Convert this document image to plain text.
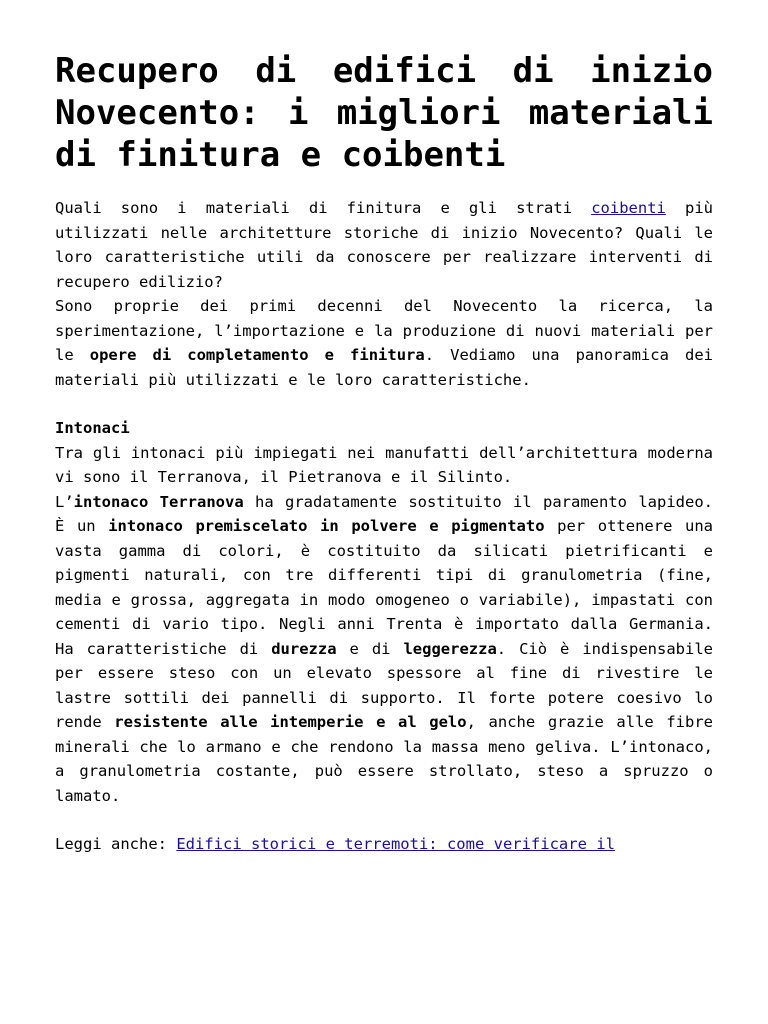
Recupero di edifici di inizio Novecento: i migliori materiali di finitura e coibenti

Quali sono i materiali di finitura e gli strati coibenti più utilizzati nelle architetture storiche di inizio Novecento? Quali le loro caratteristiche utili da conoscere per realizzare interventi di recupero edilizio?
Sono proprie dei primi decenni del Novecento la ricerca, la sperimentazione, l’importazione e la produzione di nuovi materiali per le opere di completamento e finitura. Vediamo una panoramica dei materiali più utilizzati e le loro caratteristiche.

Intonaci
Tra gli intonaci più impiegati nei manufatti dell’architettura moderna vi sono il Terranova, il Pietranova e il Silinto.
L’intonaco Terranova ha gradatamente sostituito il paramento lapideo. È un intonaco premiscelato in polvere e pigmentato per ottenere una vasta gamma di colori, è costituito da silicati pietrificanti e pigmenti naturali, con tre differenti tipi di granulometria (fine, media e grossa, aggregata in modo omogeneo o variabile), impastati con cementi di vario tipo. Negli anni Trenta è importato dalla Germania. Ha caratteristiche di durezza e di leggerezza. Ciò è indispensabile per essere steso con un elevato spessore al fine di rivestire le lastre sottili dei pannelli di supporto. Il forte potere coesivo lo rende resistente alle intemperie e al gelo, anche grazie alle fibre minerali che lo armano e che rendono la massa meno geliva. L’intonaco, a granulometria costante, può essere strollato, steso a spruzzo o lamato.

Leggi anche: Edifici storici e terremoti: come verificare il
